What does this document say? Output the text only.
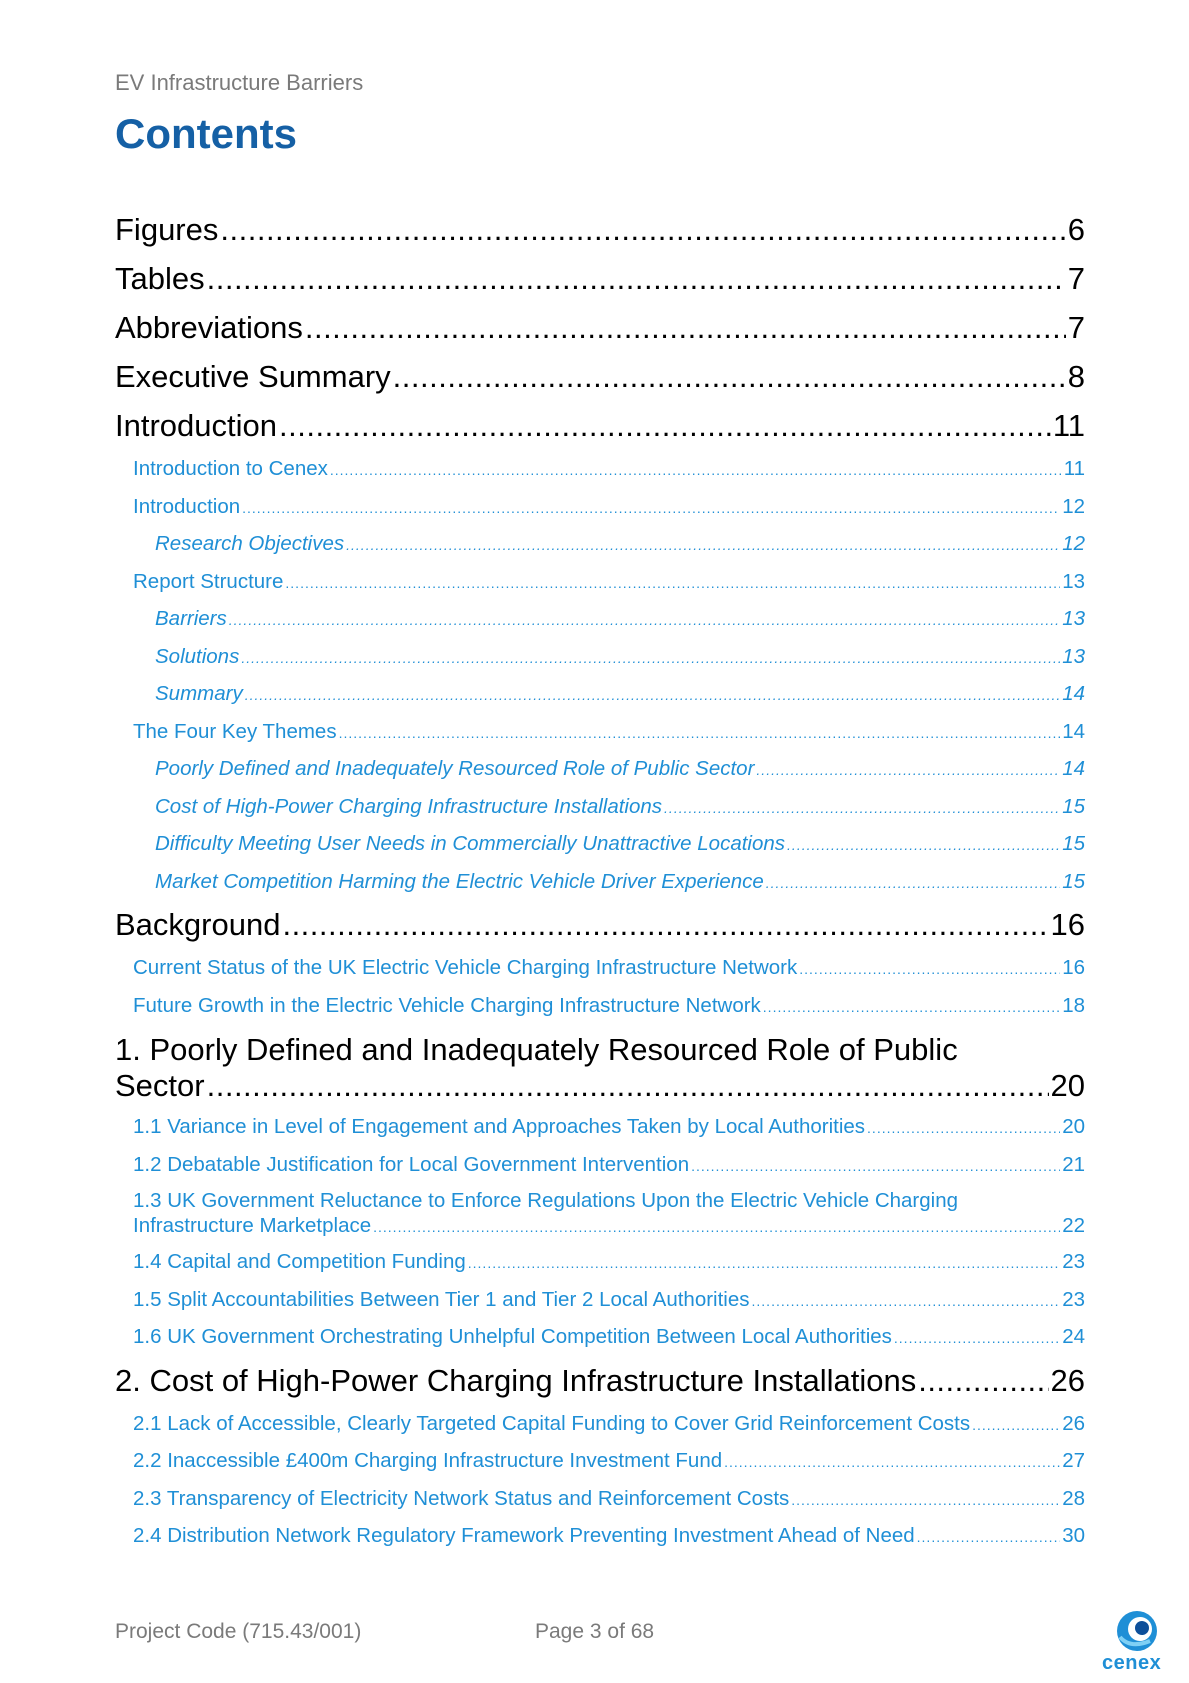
EV Infrastructure Barriers
Contents
Figures .....	6
Tables .....	7
Abbreviations .....	7
Executive Summary .....	8
Introduction .....	11
Introduction to Cenex .....	11
Introduction .....	12
Research Objectives .....	12
Report Structure .....	13
Barriers .....	13
Solutions .....	13
Summary .....	14
The Four Key Themes .....	14
Poorly Defined and Inadequately Resourced Role of Public Sector .....	14
Cost of High-Power Charging Infrastructure Installations .....	15
Difficulty Meeting User Needs in Commercially Unattractive Locations .....	15
Market Competition Harming the Electric Vehicle Driver Experience .....	15
Background .....	16
Current Status of the UK Electric Vehicle Charging Infrastructure Network .....	16
Future Growth in the Electric Vehicle Charging Infrastructure Network .....	18
1. Poorly Defined and Inadequately Resourced Role of Public
Sector .....	20
1.1 Variance in Level of Engagement and Approaches Taken by Local Authorities .....	20
1.2 Debatable Justification for Local Government Intervention .....	21
1.3 UK Government Reluctance to Enforce Regulations Upon the Electric Vehicle Charging
Infrastructure Marketplace .....	22
1.4 Capital and Competition Funding .....	23
1.5 Split Accountabilities Between Tier 1 and Tier 2 Local Authorities .....	23
1.6 UK Government Orchestrating Unhelpful Competition Between Local Authorities .....	24
2. Cost of High-Power Charging Infrastructure Installations .....	26
2.1 Lack of Accessible, Clearly Targeted Capital Funding to Cover Grid Reinforcement Costs .....	26
2.2 Inaccessible £400m Charging Infrastructure Investment Fund .....	27
2.3 Transparency of Electricity Network Status and Reinforcement Costs .....	28
2.4 Distribution Network Regulatory Framework Preventing Investment Ahead of Need .....	30
Project Code (715.43/001)	Page 3 of 68
cenex
